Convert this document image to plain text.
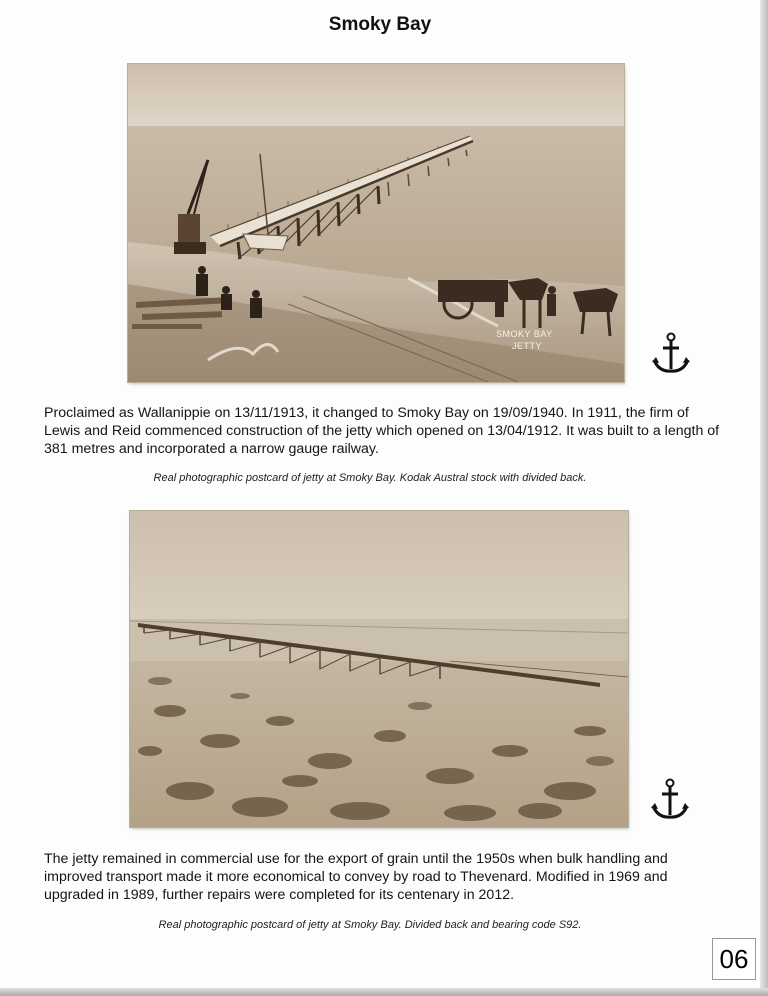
Smoky Bay
SMOKY BAY
JETTY
Proclaimed as Wallanippie on 13/11/1913, it changed to Smoky Bay on 19/09/1940. In 1911, the firm of Lewis and Reid commenced construction of the jetty which opened on 13/04/1912. It was built to a length of 381 metres and incorporated a narrow gauge railway.
Real photographic postcard of jetty at Smoky Bay. Kodak Austral stock with divided back.
The jetty remained in commercial use for the export of grain until the 1950s when bulk handling and improved transport made it more economical to convey by road to Thevenard. Modified in 1969 and upgraded in 1989, further repairs were completed for its centenary in 2012.
Real photographic postcard of jetty at Smoky Bay. Divided back and bearing code S92.
06
